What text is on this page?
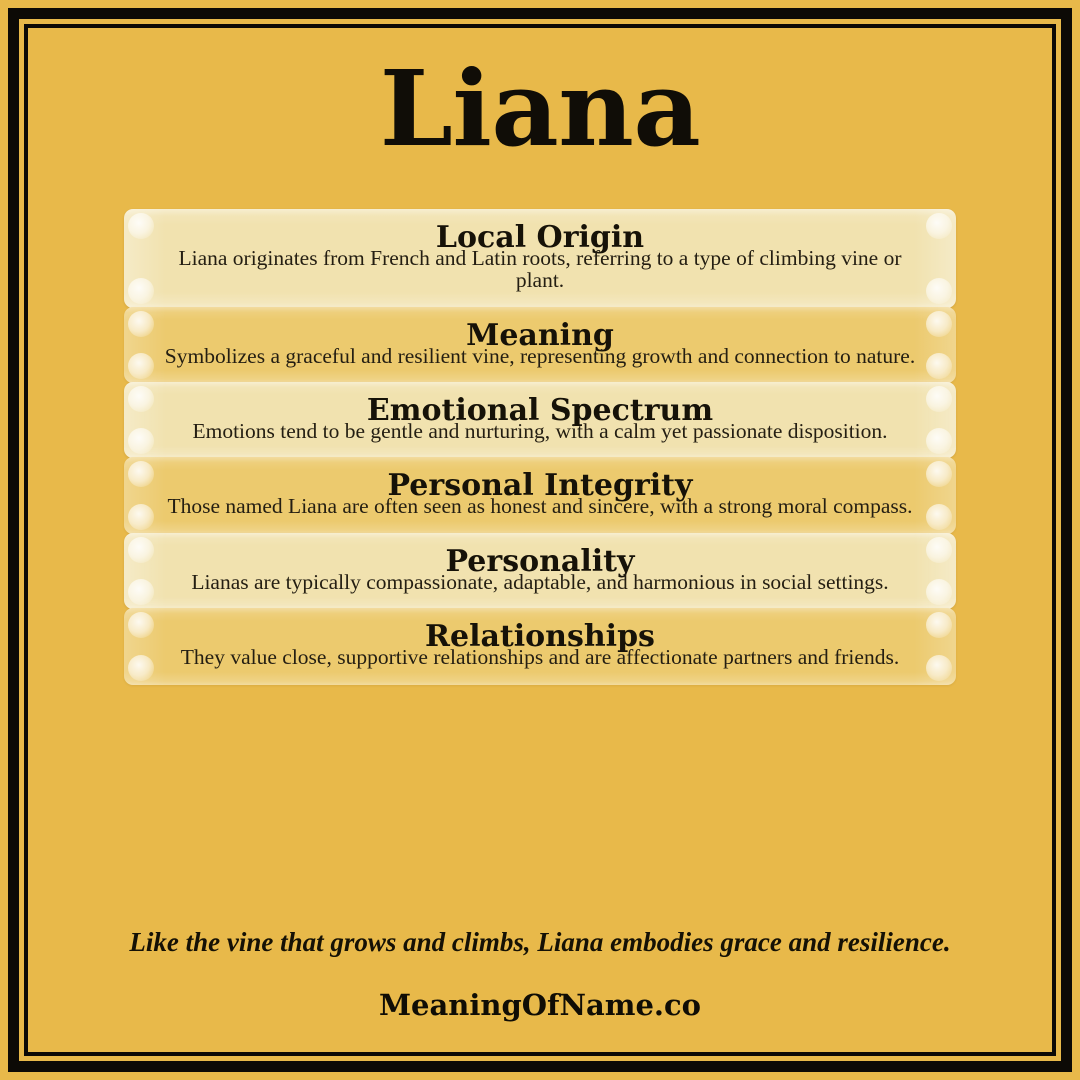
Liana
Local Origin
Liana originates from French and Latin roots, referring to a type of climbing vine or plant.
Meaning
Symbolizes a graceful and resilient vine, representing growth and connection to nature.
Emotional Spectrum
Emotions tend to be gentle and nurturing, with a calm yet passionate disposition.
Personal Integrity
Those named Liana are often seen as honest and sincere, with a strong moral compass.
Personality
Lianas are typically compassionate, adaptable, and harmonious in social settings.
Relationships
They value close, supportive relationships and are affectionate partners and friends.

Like the vine that grows and climbs, Liana embodies grace and resilience.

MeaningOfName.co
